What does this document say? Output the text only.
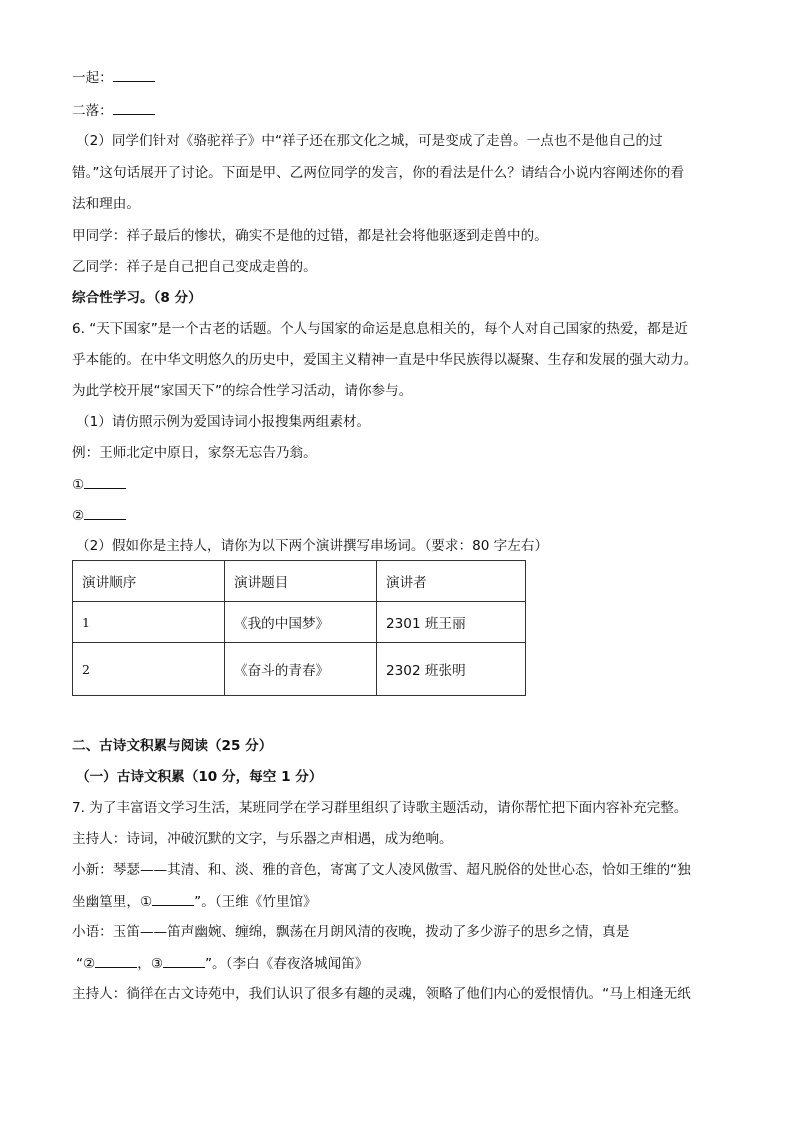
一起：
二落：
（2）同学们针对《骆驼祥子》中“祥子还在那文化之城，可是变成了走兽。一点也不是他自己的过
错。”这句话展开了讨论。下面是甲、乙两位同学的发言，你的看法是什么？请结合小说内容阐述你的看
法和理由。
甲同学：祥子最后的惨状，确实不是他的过错，都是社会将他驱逐到走兽中的。
乙同学：祥子是自己把自己变成走兽的。
综合性学习。（8 分）
6. “天下国家”是一个古老的话题。个人与国家的命运是息息相关的，每个人对自己国家的热爱，都是近
乎本能的。在中华文明悠久的历史中，爱国主义精神一直是中华民族得以凝聚、生存和发展的强大动力。
为此学校开展“家国天下”的综合性学习活动，请你参与。
（1）请仿照示例为爱国诗词小报搜集两组素材。
例：王师北定中原日，家祭无忘告乃翁。
①
②
（2）假如你是主持人，请你为以下两个演讲撰写串场词。（要求：80 字左右）
演讲顺序	演讲题目	演讲者
1	《我的中国梦》	2301 班王丽
2	《奋斗的青春》	2302 班张明
二、古诗文积累与阅读（25 分）
（一）古诗文积累（10 分，每空 1 分）
7. 为了丰富语文学习生活，某班同学在学习群里组织了诗歌主题活动，请你帮忙把下面内容补充完整。
主持人：诗词，冲破沉默的文字，与乐器之声相遇，成为绝响。
小新：琴瑟——其清、和、淡、雅的音色，寄寓了文人凌风傲雪、超凡脱俗的处世心态，恰如王维的“独
坐幽篁里，①	”。（王维《竹里馆》
小语：玉笛——笛声幽婉、缠绵，飘荡在月朗风清的夜晚，拨动了多少游子的思乡之情，真是
“②	，③	”。（李白《春夜洛城闻笛》
主持人：徜徉在古文诗苑中，我们认识了很多有趣的灵魂，领略了他们内心的爱恨情仇。“马上相逢无纸
